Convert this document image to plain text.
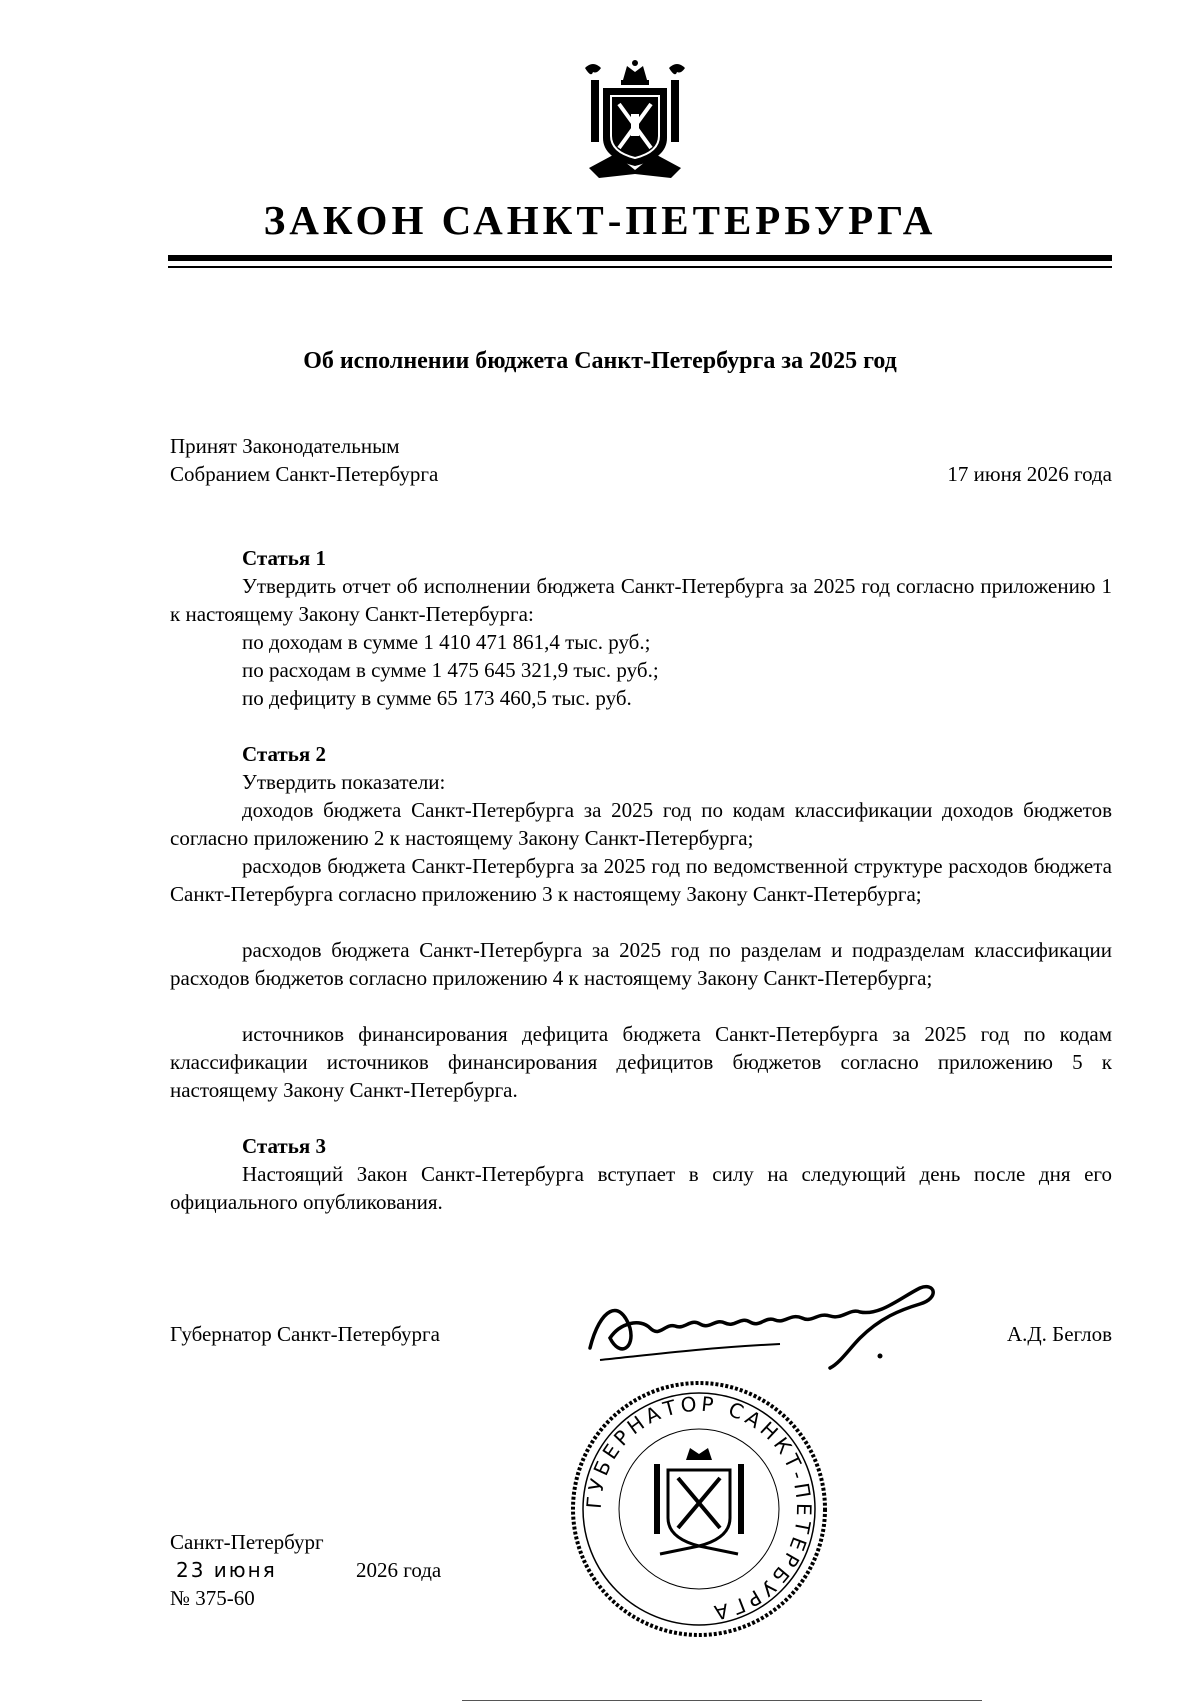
ЗАКОН САНКТ-ПЕТЕРБУРГА
Об исполнении бюджета Санкт-Петербурга за 2025 год
Принят Законодательным
Собранием Санкт-Петербурга	17 июня 2026 года
Статья 1
Утвердить отчет об исполнении бюджета Санкт-Петербурга за 2025 год согласно приложению 1 к настоящему Закону Санкт-Петербурга:
по доходам в сумме 1 410 471 861,4 тыс. руб.;
по расходам в сумме 1 475 645 321,9 тыс. руб.;
по дефициту в сумме 65 173 460,5 тыс. руб.
Статья 2
Утвердить показатели:
доходов бюджета Санкт-Петербурга за 2025 год по кодам классификации доходов бюджетов согласно приложению 2 к настоящему Закону Санкт-Петербурга;
расходов бюджета Санкт-Петербурга за 2025 год по ведомственной структуре расходов бюджета Санкт-Петербурга согласно приложению 3 к настоящему Закону Санкт-Петербурга;
расходов бюджета Санкт-Петербурга за 2025 год по разделам и подразделам классификации расходов бюджетов согласно приложению 4 к настоящему Закону Санкт-Петербурга;
источников финансирования дефицита бюджета Санкт-Петербурга за 2025 год по кодам классификации источников финансирования дефицитов бюджетов согласно приложению 5 к настоящему Закону Санкт-Петербурга.
Статья 3
Настоящий Закон Санкт-Петербурга вступает в силу на следующий день после дня его официального опубликования.
Губернатор Санкт-Петербурга	А.Д. Беглов
ГУБЕРНАТОР САНКТ-ПЕТЕРБУРГА
Санкт-Петербург
23 июня	2026 года
№ 375-60
